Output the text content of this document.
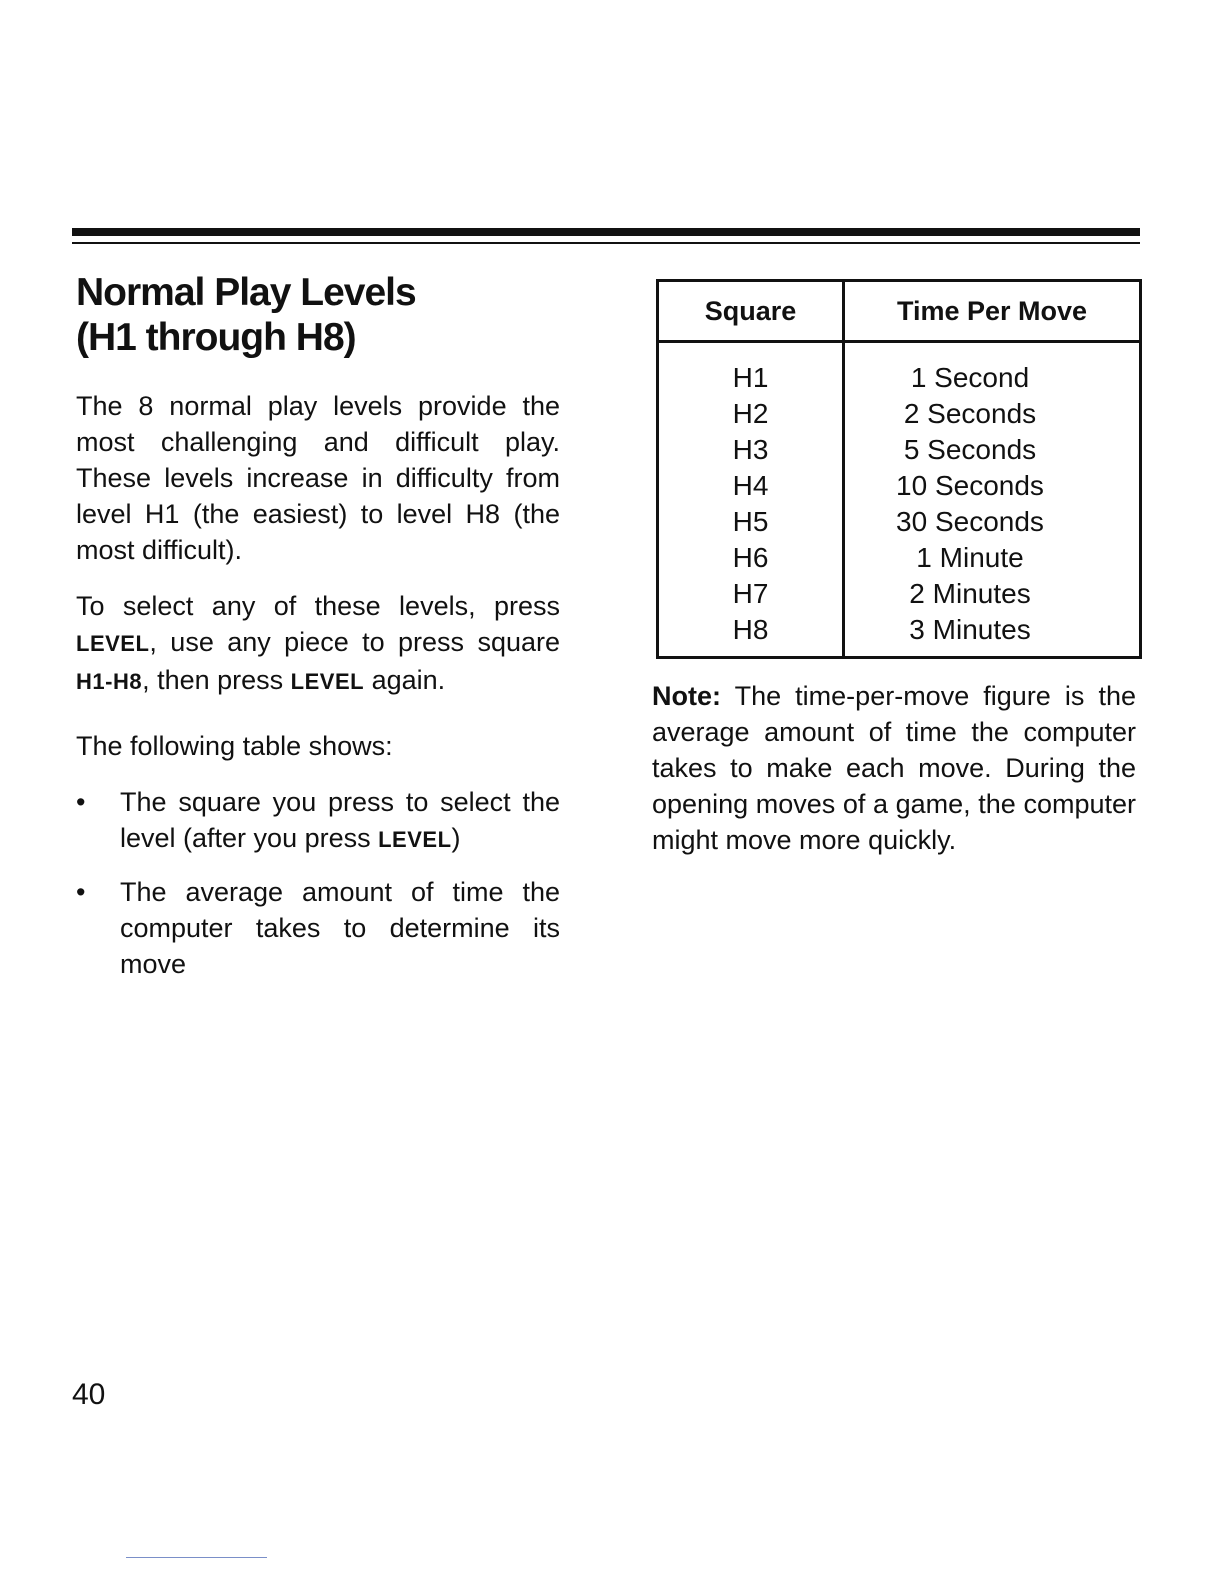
Normal Play Levels
(H1 through H8)

The 8 normal play levels provide the most challenging and difficult play. These levels increase in difficulty from level H1 (the easiest) to level H8 (the most difficult).

To select any of these levels, press LEVEL, use any piece to press square H1-H8, then press LEVEL again.

The following table shows:

• The square you press to select the level (after you press LEVEL)
• The average amount of time the computer takes to determine its move
Square	Time Per Move
H1	1 Second
H2	2 Seconds
H3	5 Seconds
H4	10 Seconds
H5	30 Seconds
H6	1 Minute
H7	2 Minutes
H8	3 Minutes

Note: The time-per-move figure is the average amount of time the computer takes to make each move. During the opening moves of a game, the computer might move more quickly.

40
